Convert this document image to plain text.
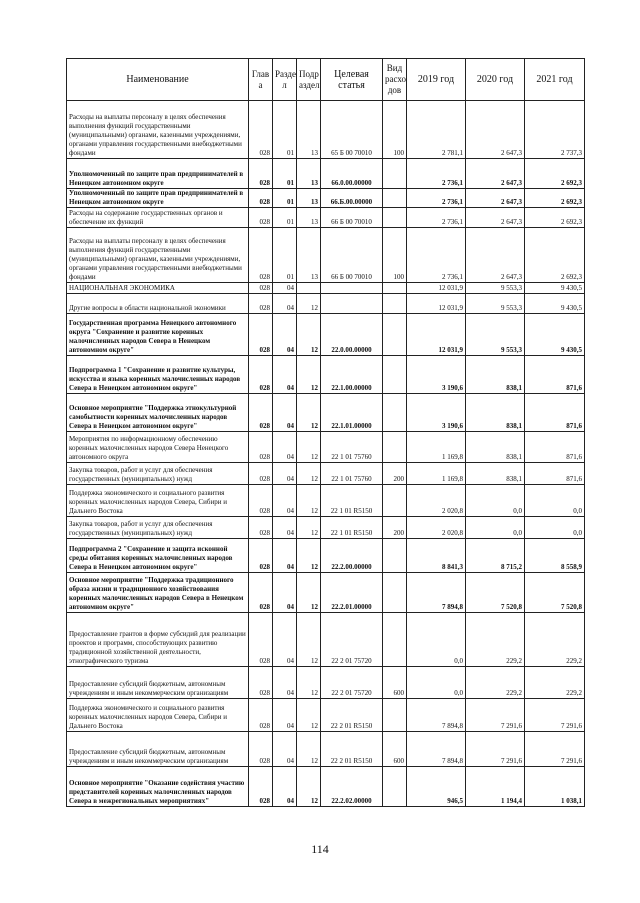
Наименование	Глав а	Разде л	Подр аздел	Целевая статья	Вид расхо дов	2019 год	2020 год	2021 год
Расходы на выплаты персоналу в целях обеспечения выполнения функций государственными (муниципальными) органами, казенными учреждениями, органами управления государственными внебюджетными фондами	028	01	13	65 Б 00 70010	100	2 781,1	2 647,3	2 737,3
Уполномоченный по защите прав предпринимателей в Ненецком автономном округе	028	01	13	66.0.00.00000		2 736,1	2 647,3	2 692,3
Уполномоченный по защите прав предпринимателей в Ненецком автономном округе	028	01	13	66.Б.00.00000		2 736,1	2 647,3	2 692,3
Расходы на содержание государственных органов и обеспечение их функций	028	01	13	66 Б 00 70010		2 736,1	2 647,3	2 692,3
Расходы на выплаты персоналу в целях обеспечения выполнения функций государственными (муниципальными) органами, казенными учреждениями, органами управления государственными внебюджетными фондами	028	01	13	66 Б 00 70010	100	2 736,1	2 647,3	2 692,3
НАЦИОНАЛЬНАЯ ЭКОНОМИКА	028	04				12 031,9	9 553,3	9 430,5
Другие вопросы в области национальной экономики	028	04	12			12 031,9	9 553,3	9 430,5
Государственная программа Ненецкого автономного округа "Сохранение и развитие коренных малочисленных народов Севера в Ненецком автономном округе"	028	04	12	22.0.00.00000		12 031,9	9 553,3	9 430,5
Подпрограмма 1 "Сохранение и развитие культуры, искусства и языка коренных малочисленных народов Севера в Ненецком автономном округе"	028	04	12	22.1.00.00000		3 190,6	838,1	871,6
Основное мероприятие "Поддержка этнокультурной самобытности коренных малочисленных народов Севера в Ненецком автономном округе"	028	04	12	22.1.01.00000		3 190,6	838,1	871,6
Мероприятия по информационному обеспечению коренных малочисленных народов Севера Ненецкого автономного округа	028	04	12	22 1 01 75760		1 169,8	838,1	871,6
Закупка товаров, работ и услуг для обеспечения государственных (муниципальных) нужд	028	04	12	22 1 01 75760	200	1 169,8	838,1	871,6
Поддержка экономического и социального развития коренных малочисленных народов Севера, Сибири и Дальнего Востока	028	04	12	22 1 01 R5150		2 020,8	0,0	0,0
Закупка товаров, работ и услуг для обеспечения государственных (муниципальных) нужд	028	04	12	22 1 01 R5150	200	2 020,8	0,0	0,0
Подпрограмма 2 "Сохранение и защита исконной среды обитания коренных малочисленных народов Севера в Ненецком автономном округе"	028	04	12	22.2.00.00000		8 841,3	8 715,2	8 558,9
Основное мероприятие "Поддержка традиционного образа жизни и традиционного хозяйствования коренных малочисленных народов Севера в Ненецком автономном округе"	028	04	12	22.2.01.00000		7 894,8	7 520,8	7 520,8
Предоставление грантов в форме субсидий для реализации проектов и программ, способствующих развитию традиционной хозяйственной деятельности, этнографического туризма	028	04	12	22 2 01 75720		0,0	229,2	229,2
Предоставление субсидий бюджетным, автономным учреждениям и иным некоммерческим организациям	028	04	12	22 2 01 75720	600	0,0	229,2	229,2
Поддержка экономического и социального развития коренных малочисленных народов Севера, Сибири и Дальнего Востока	028	04	12	22 2 01 R5150		7 894,8	7 291,6	7 291,6
Предоставление субсидий бюджетным, автономным учреждениям и иным некоммерческим организациям	028	04	12	22 2 01 R5150	600	7 894,8	7 291,6	7 291,6
Основное мероприятие "Оказание содействия участию представителей коренных малочисленных народов Севера в межрегиональных мероприятиях"	028	04	12	22.2.02.00000		946,5	1 194,4	1 038,1
114
